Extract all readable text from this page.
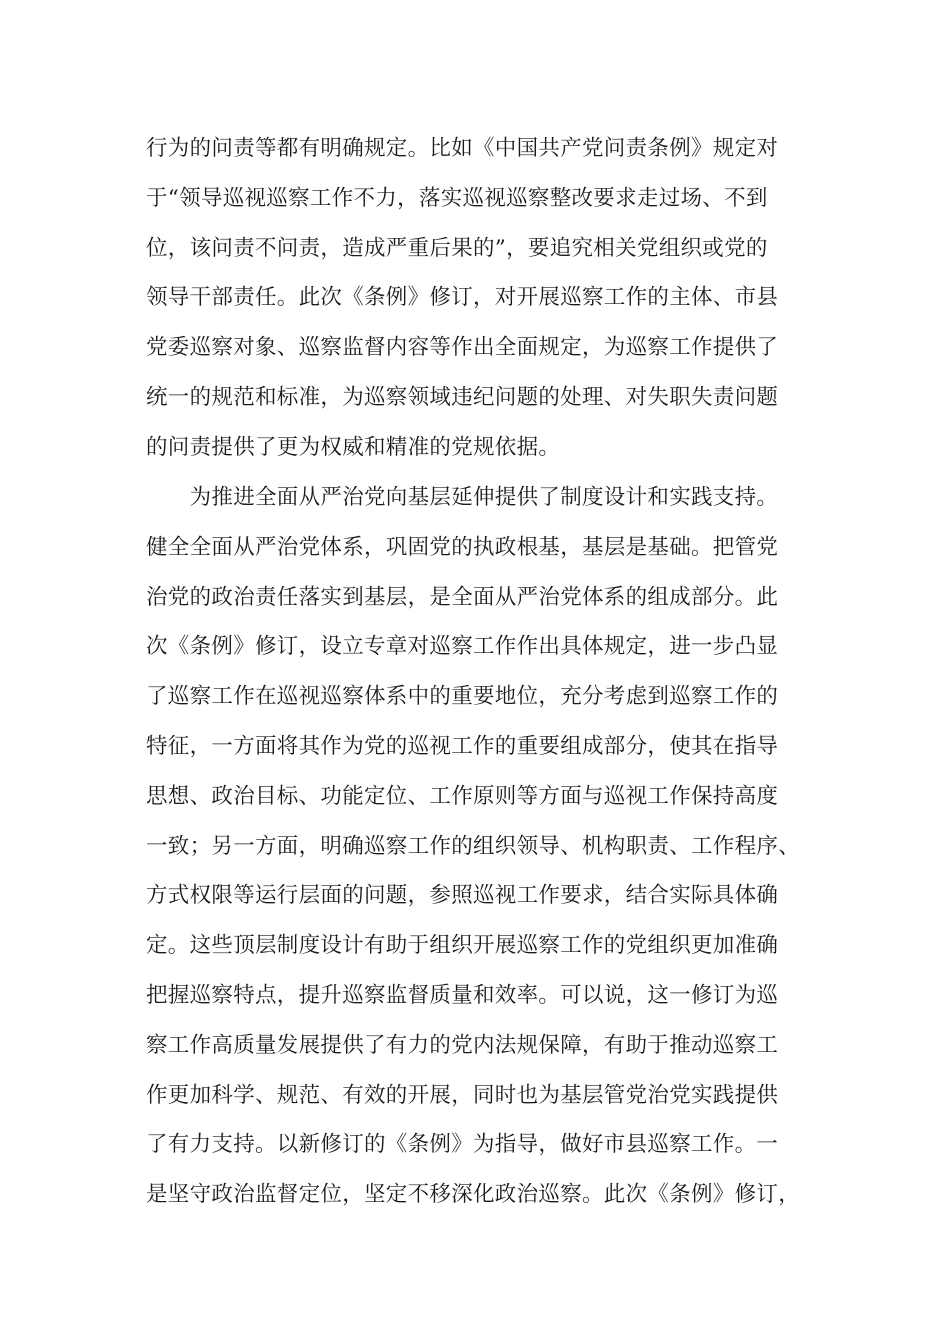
行为的问责等都有明确规定。比如《中国共产党问责条例》规定对
于“领导巡视巡察工作不力，落实巡视巡察整改要求走过场、不到
位，该问责不问责，造成严重后果的”，要追究相关党组织或党的
领导干部责任。此次《条例》修订，对开展巡察工作的主体、市县
党委巡察对象、巡察监督内容等作出全面规定，为巡察工作提供了
统一的规范和标准，为巡察领域违纪问题的处理、对失职失责问题
的问责提供了更为权威和精准的党规依据。
　　为推进全面从严治党向基层延伸提供了制度设计和实践支持。
健全全面从严治党体系，巩固党的执政根基，基层是基础。把管党
治党的政治责任落实到基层，是全面从严治党体系的组成部分。此
次《条例》修订，设立专章对巡察工作作出具体规定，进一步凸显
了巡察工作在巡视巡察体系中的重要地位，充分考虑到巡察工作的
特征，一方面将其作为党的巡视工作的重要组成部分，使其在指导
思想、政治目标、功能定位、工作原则等方面与巡视工作保持高度
一致；另一方面，明确巡察工作的组织领导、机构职责、工作程序、
方式权限等运行层面的问题，参照巡视工作要求，结合实际具体确
定。这些顶层制度设计有助于组织开展巡察工作的党组织更加准确
把握巡察特点，提升巡察监督质量和效率。可以说，这一修订为巡
察工作高质量发展提供了有力的党内法规保障，有助于推动巡察工
作更加科学、规范、有效的开展，同时也为基层管党治党实践提供
了有力支持。以新修订的《条例》为指导，做好市县巡察工作。一
是坚守政治监督定位，坚定不移深化政治巡察。此次《条例》修订，
